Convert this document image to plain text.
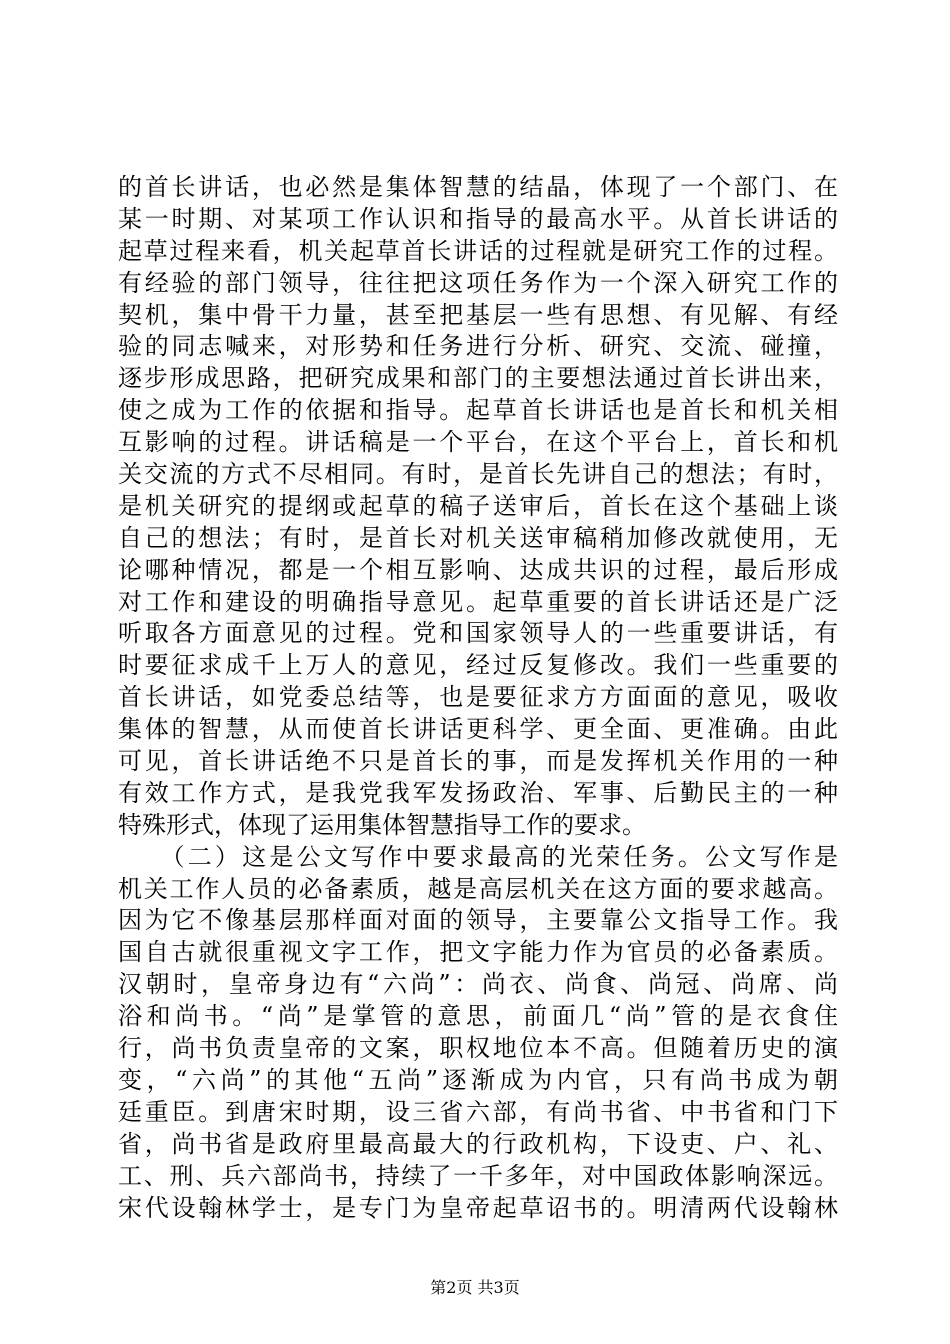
的首长讲话，也必然是集体智慧的结晶，体现了一个部门、在
某一时期、对某项工作认识和指导的最高水平。从首长讲话的
起草过程来看，机关起草首长讲话的过程就是研究工作的过程。
有经验的部门领导，往往把这项任务作为一个深入研究工作的
契机，集中骨干力量，甚至把基层一些有思想、有见解、有经
验的同志喊来，对形势和任务进行分析、研究、交流、碰撞，
逐步形成思路，把研究成果和部门的主要想法通过首长讲出来，
使之成为工作的依据和指导。起草首长讲话也是首长和机关相
互影响的过程。讲话稿是一个平台，在这个平台上，首长和机
关交流的方式不尽相同。有时，是首长先讲自己的想法；有时，
是机关研究的提纲或起草的稿子送审后，首长在这个基础上谈
自己的想法；有时，是首长对机关送审稿稍加修改就使用，无
论哪种情况，都是一个相互影响、达成共识的过程，最后形成
对工作和建设的明确指导意见。起草重要的首长讲话还是广泛
听取各方面意见的过程。党和国家领导人的一些重要讲话，有
时要征求成千上万人的意见，经过反复修改。我们一些重要的
首长讲话，如党委总结等，也是要征求方方面面的意见，吸收
集体的智慧，从而使首长讲话更科学、更全面、更准确。由此
可见，首长讲话绝不只是首长的事，而是发挥机关作用的一种
有效工作方式，是我党我军发扬政治、军事、后勤民主的一种
特殊形式，体现了运用集体智慧指导工作的要求。
　　（二）这是公文写作中要求最高的光荣任务。公文写作是
机关工作人员的必备素质，越是高层机关在这方面的要求越高。
因为它不像基层那样面对面的领导，主要靠公文指导工作。我
国自古就很重视文字工作，把文字能力作为官员的必备素质。
汉朝时，皇帝身边有“六尚”：尚衣、尚食、尚冠、尚席、尚
浴和尚书。“尚”是掌管的意思，前面几“尚”管的是衣食住
行，尚书负责皇帝的文案，职权地位本不高。但随着历史的演
变，“六尚”的其他“五尚”逐渐成为内官，只有尚书成为朝
廷重臣。到唐宋时期，设三省六部，有尚书省、中书省和门下
省，尚书省是政府里最高最大的行政机构，下设吏、户、礼、
工、刑、兵六部尚书，持续了一千多年，对中国政体影响深远。
宋代设翰林学士，是专门为皇帝起草诏书的。明清两代设翰林
第2页 共3页
